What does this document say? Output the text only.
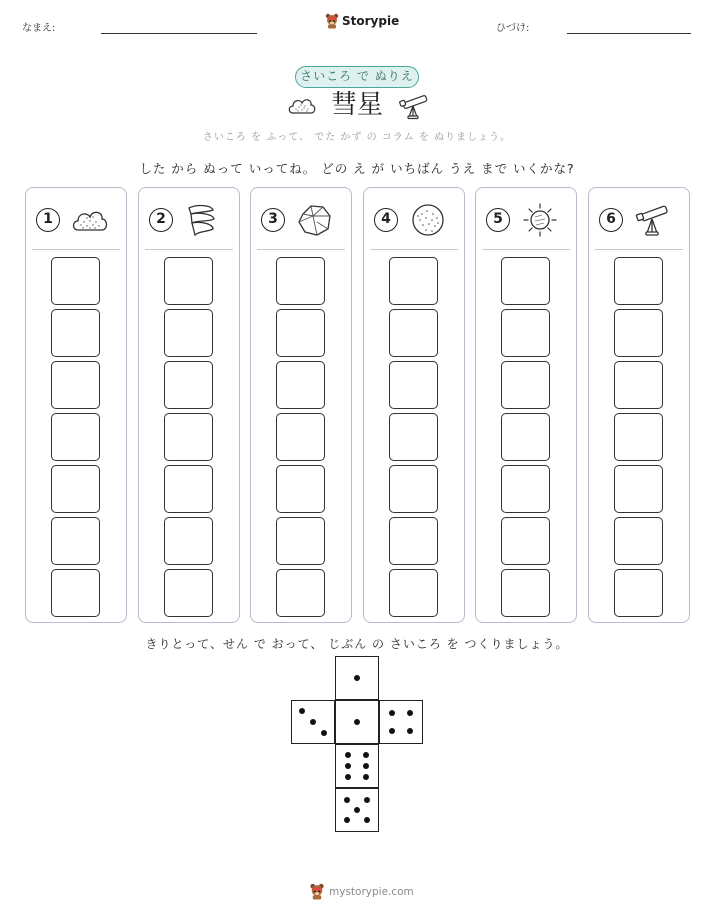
なまえ:
Storypie
ひづけ:
さいころ で ぬりえ
彗星
さいころ を ふって、 でた かず の コラム を ぬりましょう。
した から ぬって いってね。 どの え が いちばん うえ まで いくかな?
1	2	3	4	5	6
きりとって、せん で おって、 じぶん の さいころ を つくりましょう。
mystorypie.com
